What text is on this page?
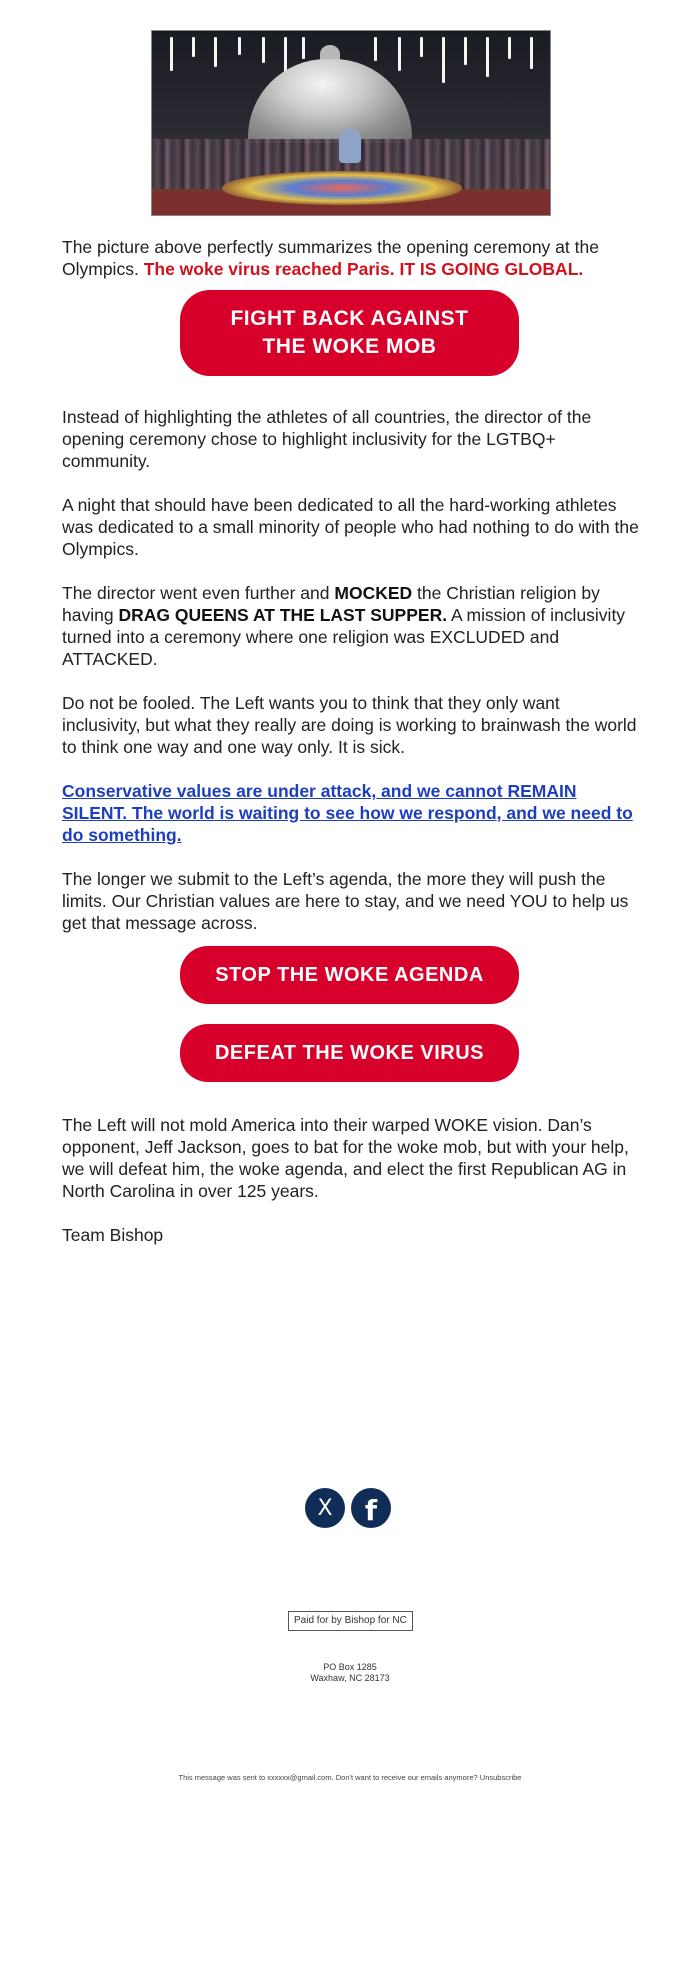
The picture above perfectly summarizes the opening ceremony at the Olympics. The woke virus reached Paris. IT IS GOING GLOBAL.
FIGHT BACK AGAINST
THE WOKE MOB
Instead of highlighting the athletes of all countries, the director of the opening ceremony chose to highlight inclusivity for the LGTBQ+ community.
A night that should have been dedicated to all the hard-working athletes was dedicated to a small minority of people who had nothing to do with the Olympics.
The director went even further and MOCKED the Christian religion by having DRAG QUEENS AT THE LAST SUPPER. A mission of inclusivity turned into a ceremony where one religion was EXCLUDED and ATTACKED.
Do not be fooled. The Left wants you to think that they only want inclusivity, but what they really are doing is working to brainwash the world to think one way and one way only. It is sick.
Conservative values are under attack, and we cannot REMAIN SILENT. The world is waiting to see how we respond, and we need to do something.
The longer we submit to the Left’s agenda, the more they will push the limits. Our Christian values are here to stay, and we need YOU to help us get that message across.
STOP THE WOKE AGENDA
DEFEAT THE WOKE VIRUS
The Left will not mold America into their warped WOKE vision. Dan’s opponent, Jeff Jackson, goes to bat for the woke mob, but with your help, we will defeat him, the woke agenda, and elect the first Republican AG in North Carolina in over 125 years.
Team Bishop
X f
Paid for by Bishop for NC
PO Box 1285
Waxhaw, NC 28173
This message was sent to xxxxxx@gmail.com. Don't want to receive our emails anymore? Unsubscribe
